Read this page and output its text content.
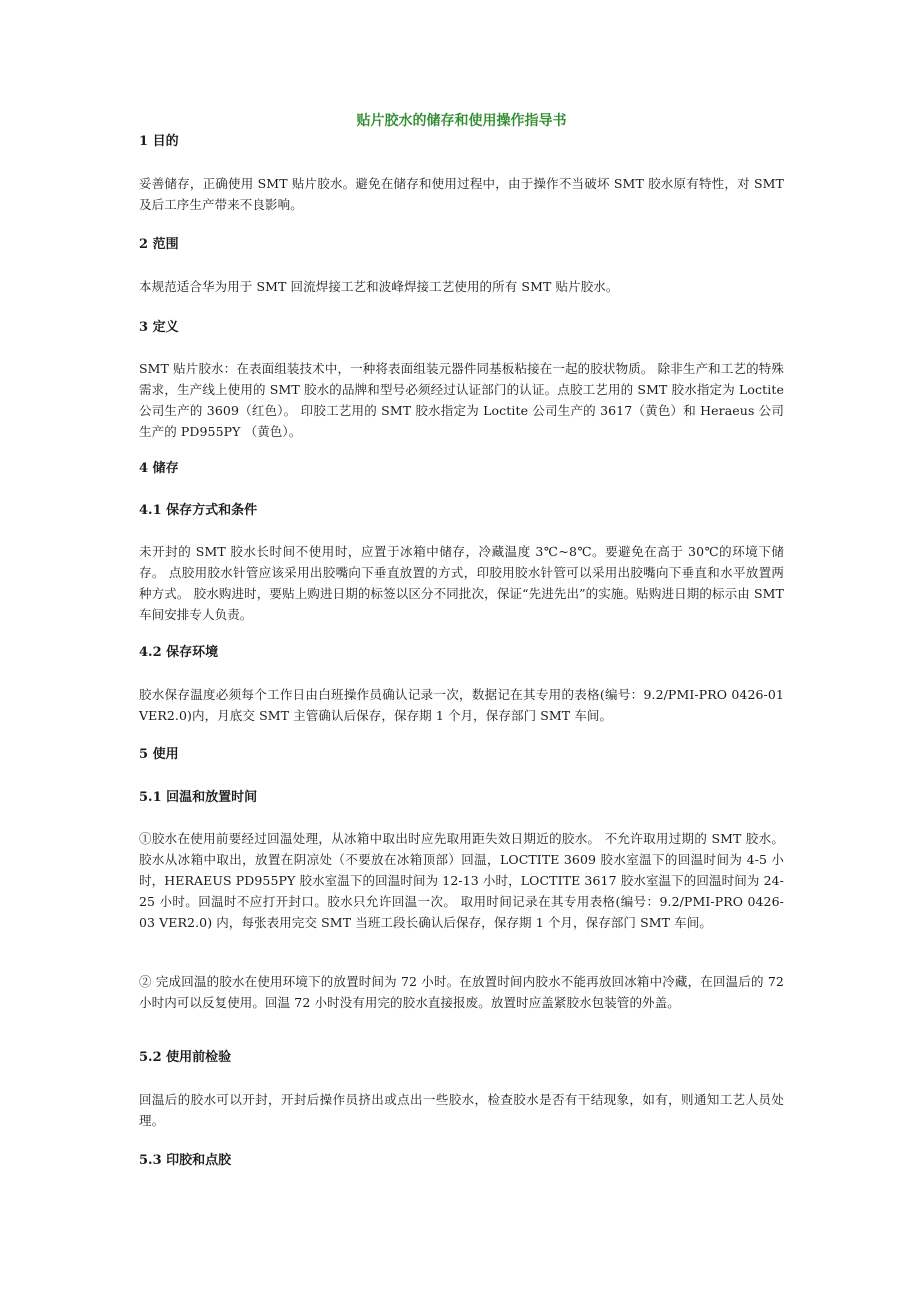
贴片胶水的储存和使用操作指导书
1 目的

妥善储存，正确使用 SMT 贴片胶水。避免在储存和使用过程中，由于操作不当破坏 SMT 胶水原有特性，对 SMT 及后工序生产带来不良影响。

2 范围

本规范适合华为用于 SMT 回流焊接工艺和波峰焊接工艺使用的所有 SMT 贴片胶水。

3 定义

SMT 贴片胶水：在表面组装技术中，一种将表面组装元器件同基板粘接在一起的胶状物质。 除非生产和工艺的特殊需求，生产线上使用的 SMT 胶水的品牌和型号必须经过认证部门的认证。点胶工艺用的 SMT 胶水指定为 Loctite 公司生产的 3609（红色）。 印胶工艺用的 SMT 胶水指定为 Loctite 公司生产的 3617（黄色）和 Heraeus 公司生产的 PD955PY （黄色）。

4 储存
4.1 保存方式和条件

未开封的 SMT 胶水长时间不使用时，应置于冰箱中储存，冷藏温度 3℃~8℃。要避免在高于 30℃的环境下储存。 点胶用胶水针管应该采用出胶嘴向下垂直放置的方式，印胶用胶水针管可以采用出胶嘴向下垂直和水平放置两种方式。 胶水购进时，要贴上购进日期的标签以区分不同批次，保证“先进先出”的实施。贴购进日期的标示由 SMT 车间安排专人负责。

4.2 保存环境

胶水保存温度必须每个工作日由白班操作员确认记录一次，数据记在其专用的表格(编号：9.2/PMI-PRO 0426-01 VER2.0)内，月底交 SMT 主管确认后保存，保存期 1 个月，保存部门 SMT 车间。

5 使用
5.1 回温和放置时间

①胶水在使用前要经过回温处理，从冰箱中取出时应先取用距失效日期近的胶水。 不允许取用过期的 SMT 胶水。胶水从冰箱中取出，放置在阴凉处（不要放在冰箱顶部）回温，LOCTITE 3609 胶水室温下的回温时间为 4-5 小时，HERAEUS PD955PY 胶水室温下的回温时间为 12-13 小时，LOCTITE 3617 胶水室温下的回温时间为 24-25 小时。回温时不应打开封口。胶水只允许回温一次。 取用时间记录在其专用表格(编号：9.2/PMI-PRO 0426-03 VER2.0) 内，每张表用完交 SMT 当班工段长确认后保存，保存期 1 个月，保存部门 SMT 车间。

② 完成回温的胶水在使用环境下的放置时间为 72 小时。在放置时间内胶水不能再放回冰箱中冷藏，在回温后的 72 小时内可以反复使用。回温 72 小时没有用完的胶水直接报废。放置时应盖紧胶水包装管的外盖。

5.2 使用前检验

回温后的胶水可以开封，开封后操作员挤出或点出一些胶水，检查胶水是否有干结现象，如有，则通知工艺人员处理。

5.3 印胶和点胶
